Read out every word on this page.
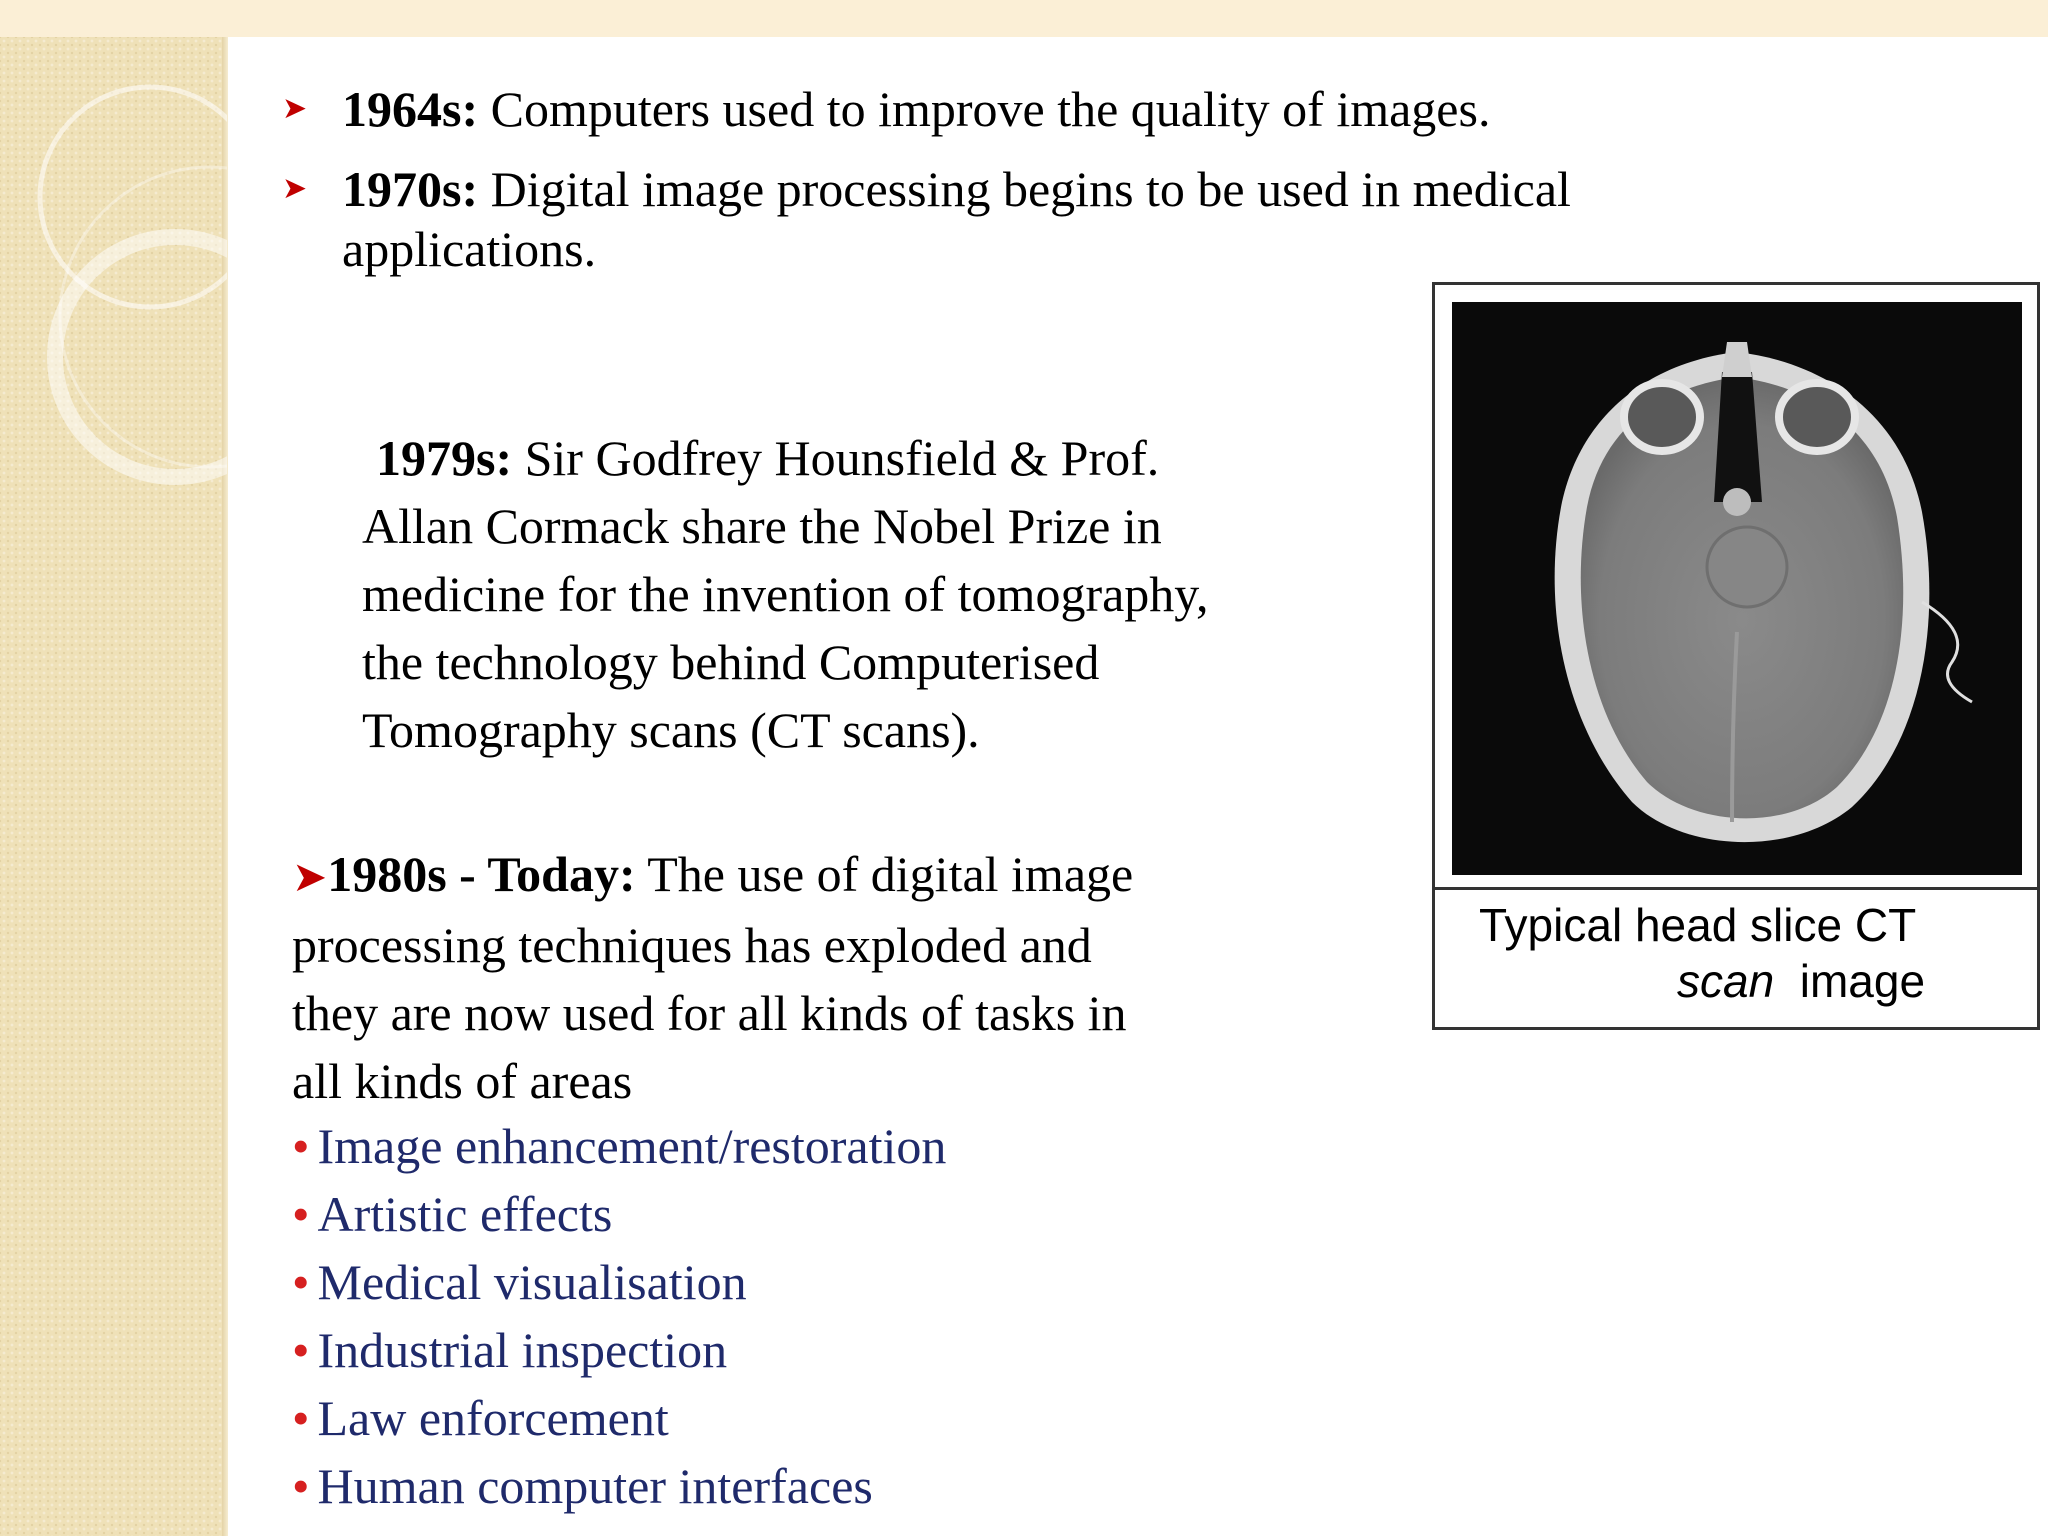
➤ 1964s: Computers used to improve the quality of images.
➤ 1970s: Digital image processing begins to be used in medical
applications.
1979s: Sir Godfrey Hounsfield & Prof.
Allan Cormack share the Nobel Prize in
medicine for the invention of tomography,
the technology behind Computerised
Tomography scans (CT scans).
➤1980s - Today: The use of digital image
processing techniques has exploded and
they are now used for all kinds of tasks in
all kinds of areas
• Image enhancement/restoration
• Artistic effects
• Medical visualisation
• Industrial inspection
• Law enforcement
• Human computer interfaces
Typical head slice CT
scan image
